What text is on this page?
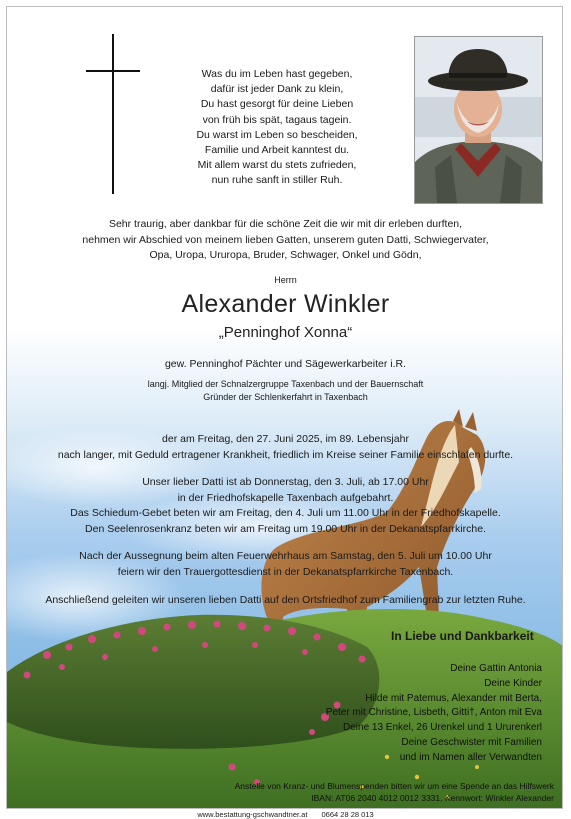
Was du im Leben hast gegeben,
dafür ist jeder Dank zu klein,
Du hast gesorgt für deine Lieben
von früh bis spät, tagaus tagein.
Du warst im Leben so bescheiden,
Familie und Arbeit kanntest du.
Mit allem warst du stets zufrieden,
nun ruhe sanft in stiller Ruh.
Sehr traurig, aber dankbar für die schöne Zeit die wir mit dir erleben durften,
nehmen wir Abschied von meinem lieben Gatten, unserem guten Datti, Schwiegervater,
Opa, Uropa, Ururopa, Bruder, Schwager, Onkel und Gödn,
Herrn
Alexander Winkler
„Penninghof Xonna“
gew. Penninghof Pächter und Sägewerkarbeiter i.R.
langj. Mitglied der Schnalzergruppe Taxenbach und der Bauernschaft
Gründer der Schlenkerfahrt in Taxenbach
der am Freitag, den 27. Juni 2025, im 89. Lebensjahr
nach langer, mit Geduld ertragener Krankheit, friedlich im Kreise seiner Familie einschlafen durfte.
Unser lieber Datti ist ab Donnerstag, den 3. Juli, ab 17.00 Uhr
in der Friedhofskapelle Taxenbach aufgebahrt.
Das Schiedum-Gebet beten wir am Freitag, den 4. Juli um 11.00 Uhr in der Friedhofskapelle.
Den Seelenrosenkranz beten wir am Freitag um 19.00 Uhr in der Dekanatspfarrkirche.
Nach der Aussegnung beim alten Feuerwehrhaus am Samstag, den 5. Juli um 10.00 Uhr
feiern wir den Trauergottesdienst in der Dekanatspfarrkirche Taxenbach.
Anschließend geleiten wir unseren lieben Datti auf den Ortsfriedhof zum Familiengrab zur letzten Ruhe.
In Liebe und Dankbarkeit
Deine Gattin Antonia
Deine Kinder
Hilde mit Patemus, Alexander mit Berta,
Peter mit Christine, Lisbeth, Gitti†, Anton mit Eva
Deine 13 Enkel, 26 Urenkel und 1 Ururenkerl
Deine Geschwister mit Familien
und im Namen aller Verwandten
Anstelle von Kranz- und Blumenspenden bitten wir um eine Spende an das Hilfswerk
IBAN: AT06 2040 4012 0012 3331, Kennwort: Winkler Alexander
www.bestattung-gschwandtner.at 0664 28 28 013
